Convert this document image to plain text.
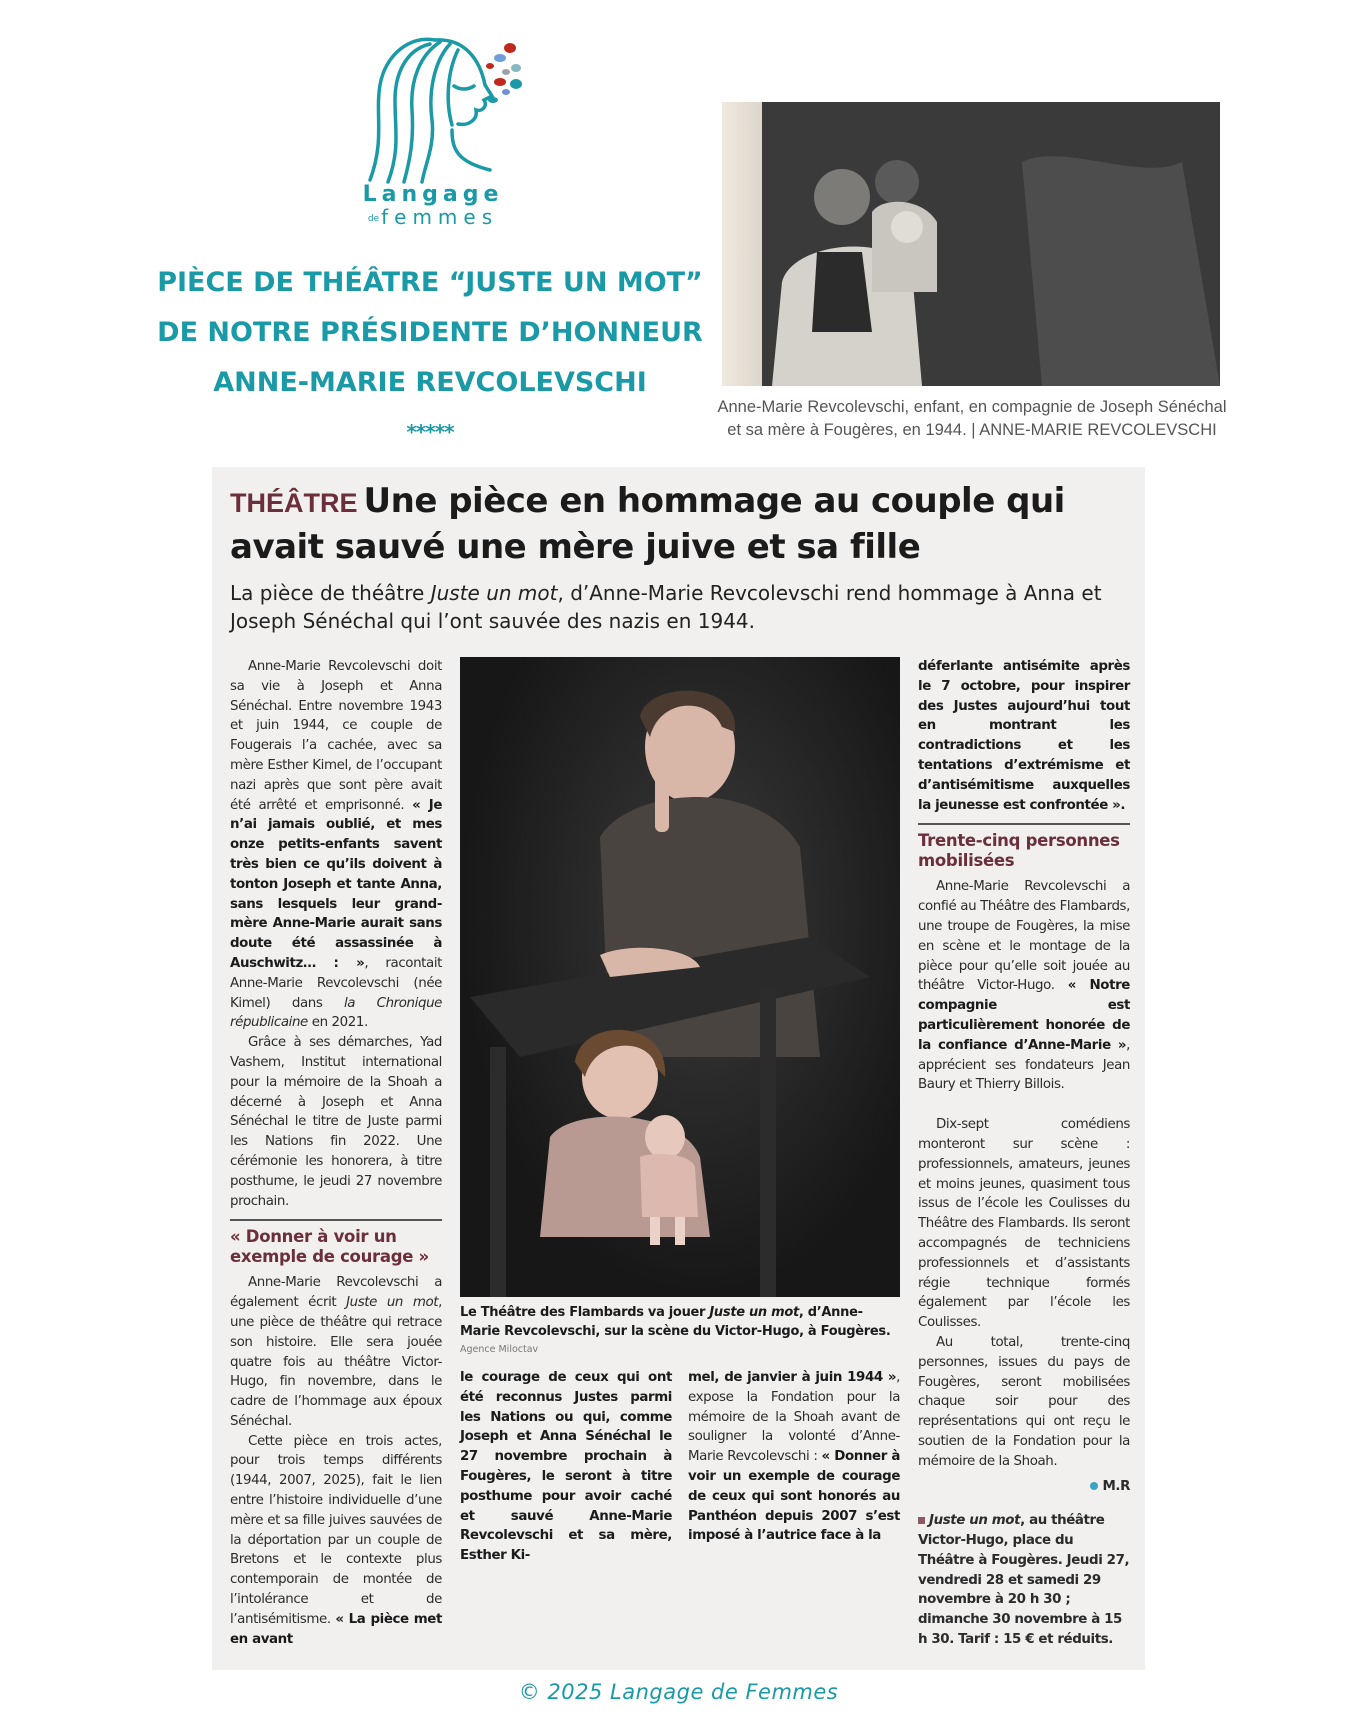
Langage
de femmes
PIÈCE DE THÉÂTRE “JUSTE UN MOT”
DE NOTRE PRÉSIDENTE D’HONNEUR
ANNE-MARIE REVCOLEVSCHI
*****
Anne-Marie Revcolevschi, enfant, en compagnie de Joseph Sénéchal et sa mère à Fougères, en 1944. | ANNE-MARIE REVCOLEVSCHI
THÉÂTRE Une pièce en hommage au couple qui avait sauvé une mère juive et sa fille
La pièce de théâtre Juste un mot, d’Anne-Marie Revcolevschi rend hommage à Anna et Joseph Sénéchal qui l’ont sauvée des nazis en 1944.

Anne-Marie Revcolevschi doit sa vie à Joseph et Anna Sénéchal. Entre novembre 1943 et juin 1944, ce couple de Fougerais l’a cachée, avec sa mère Esther Kimel, de l’occupant nazi après que sont père avait été arrêté et emprisonné. « Je n’ai jamais oublié, et mes onze petits-enfants savent très bien ce qu’ils doivent à tonton Joseph et tante Anna, sans lesquels leur grand-mère Anne-Marie aurait sans doute été assassinée à Auschwitz… : », racontait Anne-Marie Revcolevschi (née Kimel) dans la Chronique républicaine en 2021.

Grâce à ses démarches, Yad Vashem, Institut international pour la mémoire de la Shoah a décerné à Joseph et Anna Sénéchal le titre de Juste parmi les Nations fin 2022. Une cérémonie les honorera, à titre posthume, le jeudi 27 novembre prochain.

« Donner à voir un exemple de courage »

Anne-Marie Revcolevschi a également écrit Juste un mot, une pièce de théâtre qui retrace son histoire. Elle sera jouée quatre fois au théâtre Victor-Hugo, fin novembre, dans le cadre de l’hommage aux époux Sénéchal.

Cette pièce en trois actes, pour trois temps différents (1944, 2007, 2025), fait le lien entre l’histoire individuelle d’une mère et sa fille juives sauvées de la déportation par un couple de Bretons et le contexte plus contemporain de montée de l’intolérance et de l’antisémitisme. « La pièce met en avant

Le Théâtre des Flambards va jouer Juste un mot, d’Anne-Marie Revcolevschi, sur la scène du Victor-Hugo, à Fougères.
Agence Miloctav

le courage de ceux qui ont été reconnus Justes parmi les Nations ou qui, comme Joseph et Anna Sénéchal le 27 novembre prochain à Fougères, le seront à titre posthume pour avoir caché et sauvé Anne-Marie Revcolevschi et sa mère, Esther Ki-

mel, de janvier à juin 1944 », expose la Fondation pour la mémoire de la Shoah avant de souligner la volonté d’Anne-Marie Revcolevschi : « Donner à voir un exemple de courage de ceux qui sont honorés au Panthéon depuis 2007 s’est imposé à l’autrice face à la

déferlante antisémite après le 7 octobre, pour inspirer des Justes aujourd’hui tout en montrant les contradictions et les tentations d’extrémisme et d’antisémitisme auxquelles la jeunesse est confrontée ».

Trente-cinq personnes mobilisées

Anne-Marie Revcolevschi a confié au Théâtre des Flambards, une troupe de Fougères, la mise en scène et le montage de la pièce pour qu’elle soit jouée au théâtre Victor-Hugo. « Notre compagnie est particulièrement honorée de la confiance d’Anne-Marie », apprécient ses fondateurs Jean Baury et Thierry Billois.

Dix-sept comédiens monteront sur scène : professionnels, amateurs, jeunes et moins jeunes, quasiment tous issus de l’école les Coulisses du Théâtre des Flambards. Ils seront accompagnés de techniciens professionnels et d’assistants régie technique formés également par l’école les Coulisses.

Au total, trente-cinq personnes, issues du pays de Fougères, seront mobilisées chaque soir pour des représentations qui ont reçu le soutien de la Fondation pour la mémoire de la Shoah.

M.R

Juste un mot, au théâtre Victor-Hugo, place du Théâtre à Fougères. Jeudi 27, vendredi 28 et samedi 29 novembre à 20 h 30 ; dimanche 30 novembre à 15 h 30. Tarif : 15 € et réduits.

© 2025 Langage de Femmes
